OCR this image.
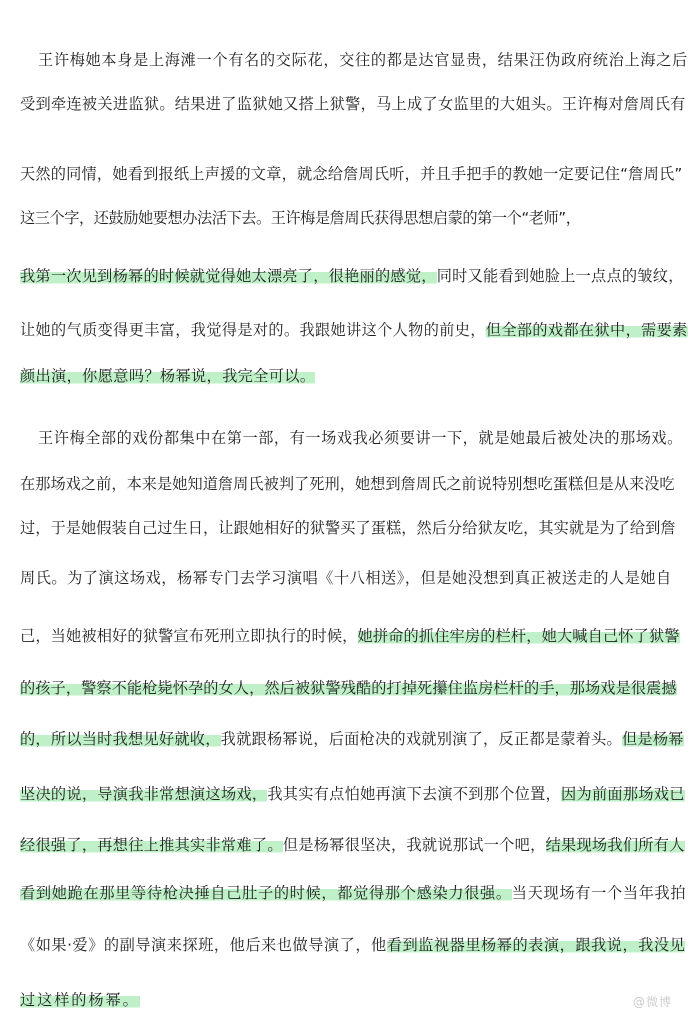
王许梅她本身是上海滩一个有名的交际花，交往的都是达官显贵，结果汪伪政府统治上海之后
受到牵连被关进监狱。结果进了监狱她又搭上狱警，马上成了女监里的大姐头。王许梅对詹周氏有
天然的同情，她看到报纸上声援的文章，就念给詹周氏听，并且手把手的教她一定要记住“詹周氏”
这三个字，还鼓励她要想办法活下去。王许梅是詹周氏获得思想启蒙的第一个“老师”，
我第一次见到杨幂的时候就觉得她太漂亮了，很艳丽的感觉，同时又能看到她脸上一点点的皱纹，
让她的气质变得更丰富，我觉得是对的。我跟她讲这个人物的前史，但全部的戏都在狱中，需要素
颜出演，你愿意吗？杨幂说，我完全可以。
王许梅全部的戏份都集中在第一部，有一场戏我必须要讲一下，就是她最后被处决的那场戏。
在那场戏之前，本来是她知道詹周氏被判了死刑，她想到詹周氏之前说特别想吃蛋糕但是从来没吃
过，于是她假装自己过生日，让跟她相好的狱警买了蛋糕，然后分给狱友吃，其实就是为了给到詹
周氏。为了演这场戏，杨幂专门去学习演唱《十八相送》，但是她没想到真正被送走的人是她自
己，当她被相好的狱警宣布死刑立即执行的时候，她拼命的抓住牢房的栏杆，她大喊自己怀了狱警
的孩子，警察不能枪毙怀孕的女人，然后被狱警残酷的打掉死攥住监房栏杆的手，那场戏是很震撼
的，所以当时我想见好就收，我就跟杨幂说，后面枪决的戏就别演了，反正都是蒙着头。但是杨幂
坚决的说，导演我非常想演这场戏，我其实有点怕她再演下去演不到那个位置，因为前面那场戏已
经很强了，再想往上推其实非常难了。但是杨幂很坚决，我就说那试一个吧，结果现场我们所有人
看到她跪在那里等待枪决捶自己肚子的时候，都觉得那个感染力很强。当天现场有一个当年我拍
《如果·爱》的副导演来探班，他后来也做导演了，他看到监视器里杨幂的表演，跟我说，我没见
过这样的杨幂。	@微博
